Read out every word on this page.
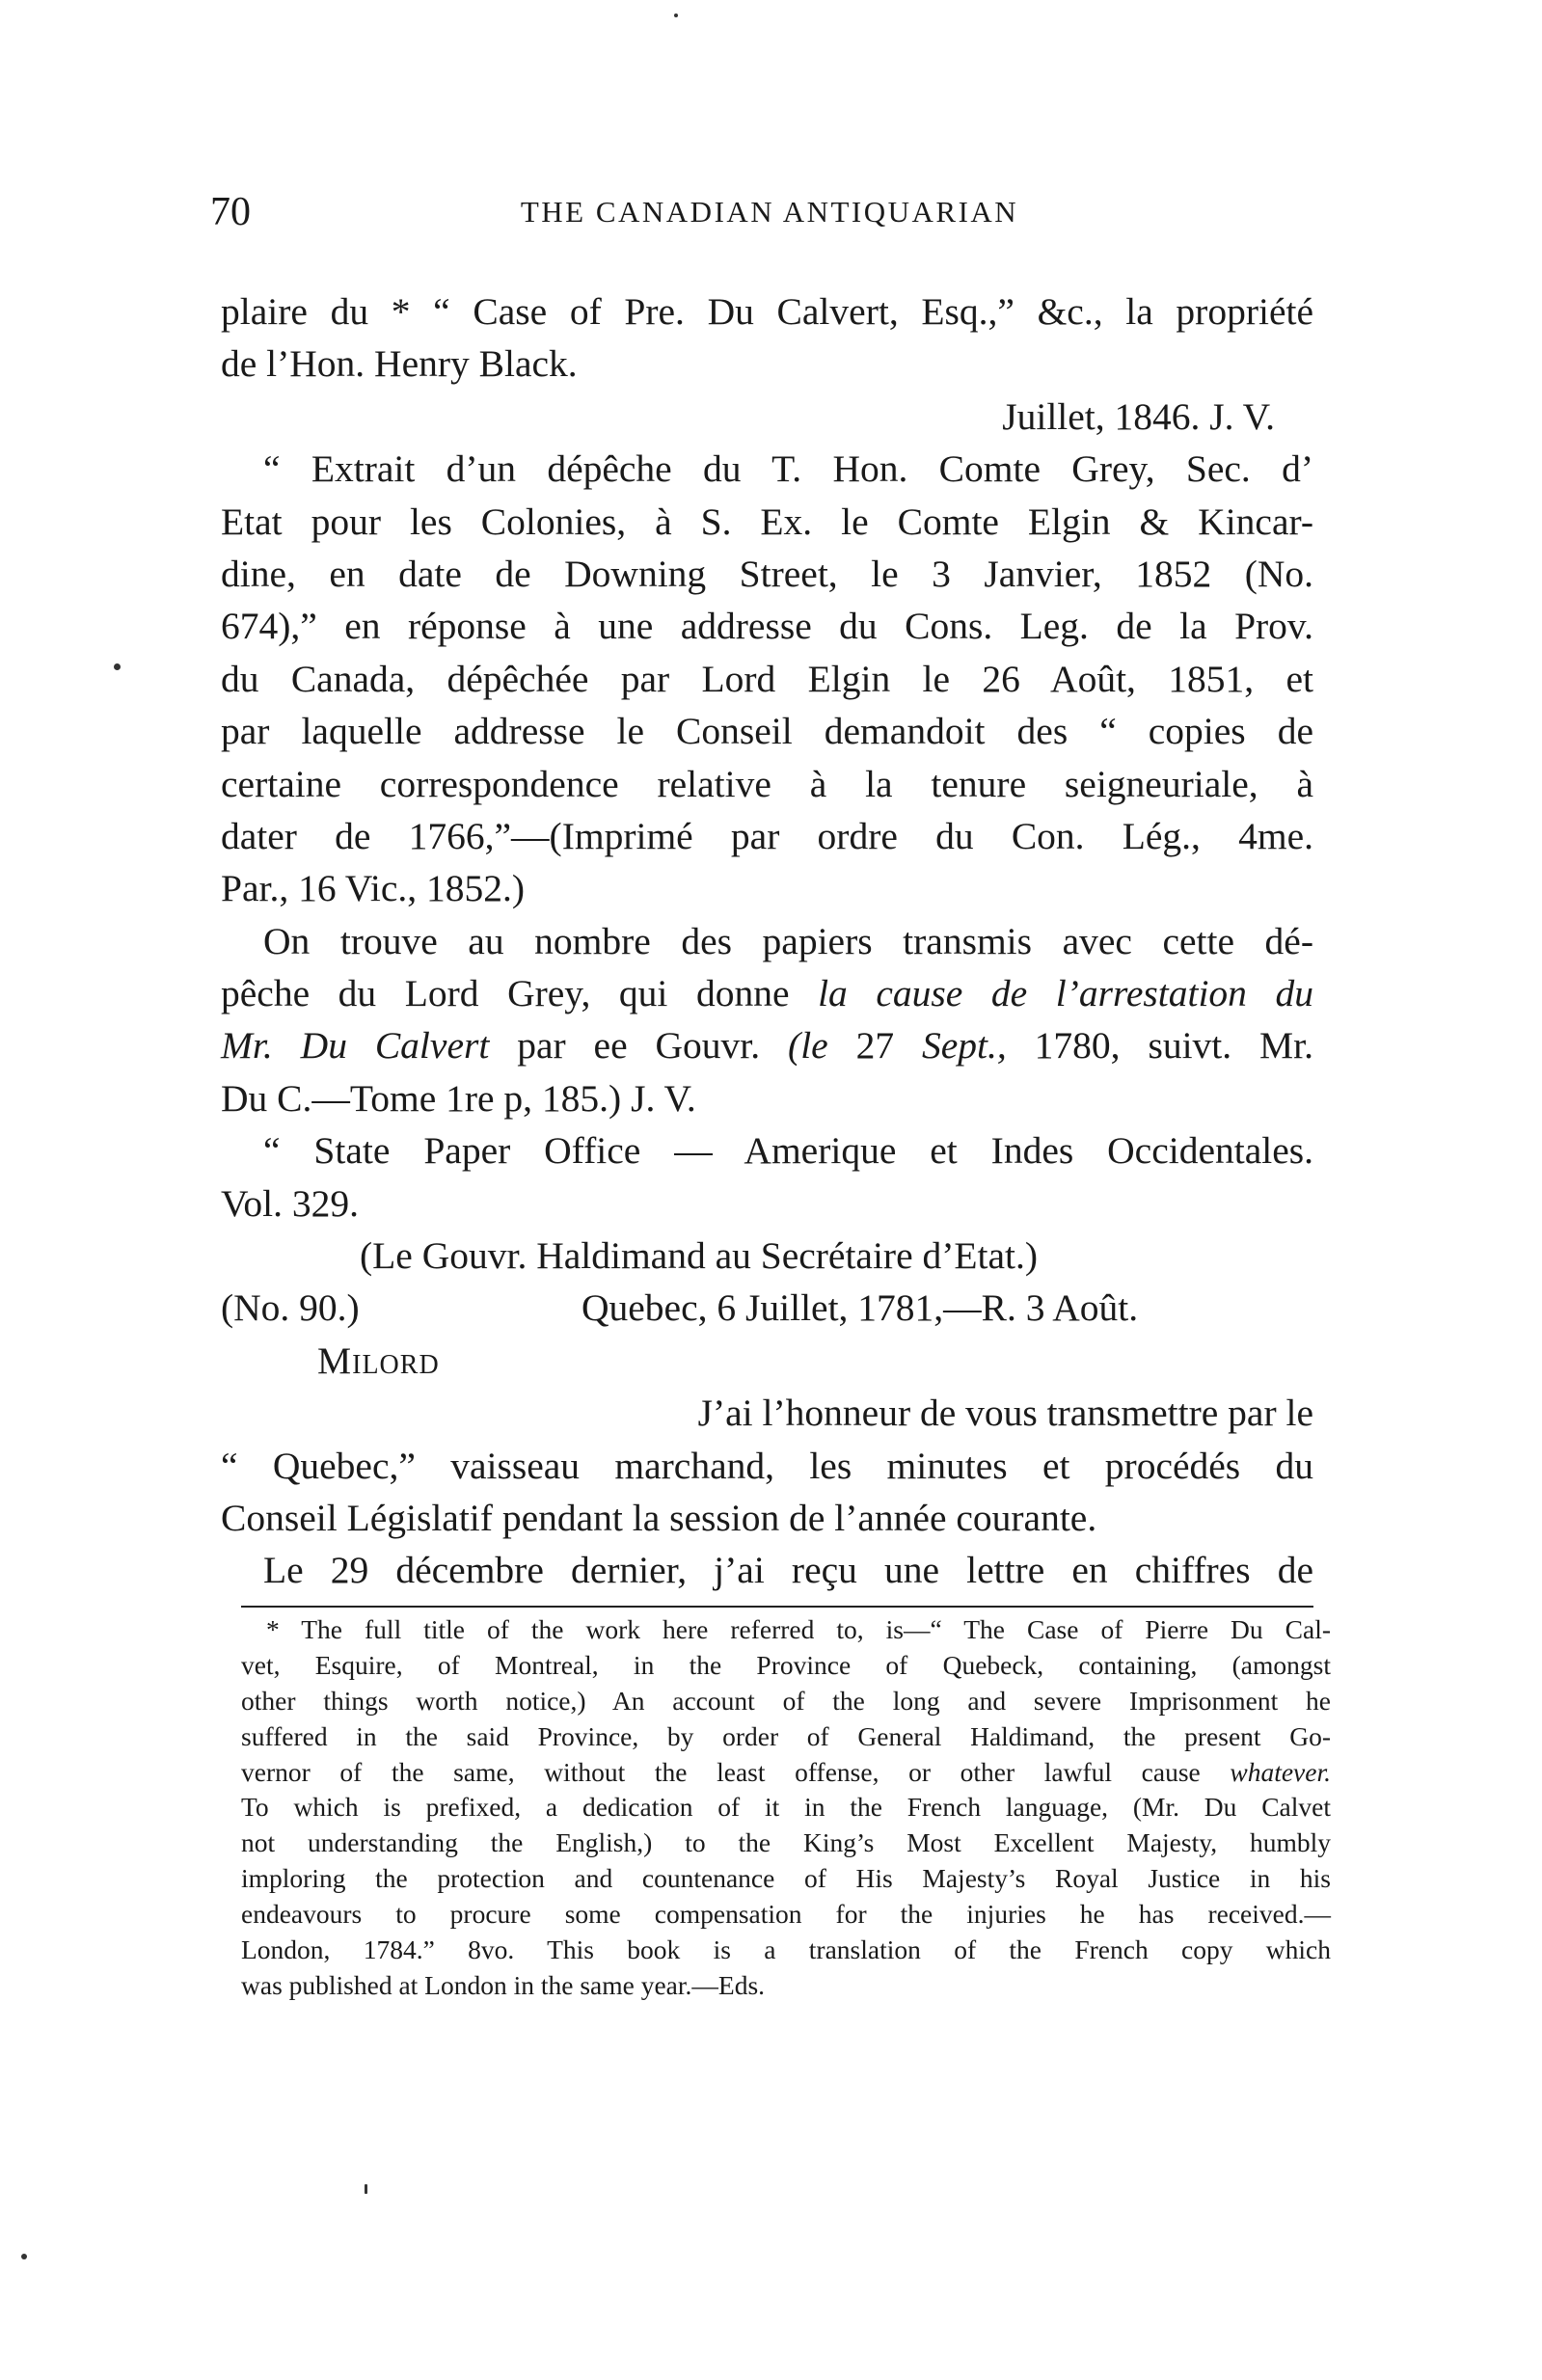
70	THE CANADIAN ANTIQUARIAN
plaire du * “ Case of Pre. Du Calvert, Esq.,” &c., la propriété
de l’Hon. Henry Black.
Juillet, 1846. J. V.
“ Extrait d’un dépêche du T. Hon. Comte Grey, Sec. d’
Etat pour les Colonies, à S. Ex. le Comte Elgin & Kincar-
dine, en date de Downing Street, le 3 Janvier, 1852 (No.
674),” en réponse à une addresse du Cons. Leg. de la Prov.
du Canada, dépêchée par Lord Elgin le 26 Août, 1851, et
par laquelle addresse le Conseil demandoit des “ copies de
certaine correspondence relative à la tenure seigneuriale, à
dater de 1766,”—(Imprimé par ordre du Con. Lég., 4me.
Par., 16 Vic., 1852.)
On trouve au nombre des papiers transmis avec cette dé-
pêche du Lord Grey, qui donne la cause de l’arrestation du
Mr. Du Calvert par ee Gouvr. (le 27 Sept., 1780, suivt. Mr.
Du C.—Tome 1re p, 185.) J. V.
“ State Paper Office — Amerique et Indes Occidentales.
Vol. 329.
(Le Gouvr. Haldimand au Secrétaire d’Etat.)
(No. 90.)	Quebec, 6 Juillet, 1781,—R. 3 Août.
Milord
J’ai l’honneur de vous transmettre par le
“ Quebec,” vaisseau marchand, les minutes et procédés du
Conseil Législatif pendant la session de l’année courante.
Le 29 décembre dernier, j’ai reçu une lettre en chiffres de
* The full title of the work here referred to, is—“ The Case of Pierre Du Cal-
vet, Esquire, of Montreal, in the Province of Quebeck, containing, (amongst
other things worth notice,) An account of the long and severe Imprisonment he
suffered in the said Province, by order of General Haldimand, the present Go-
vernor of the same, without the least offense, or other lawful cause whatever.
To which is prefixed, a dedication of it in the French language, (Mr. Du Calvet
not understanding the English,) to the King’s Most Excellent Majesty, humbly
imploring the protection and countenance of His Majesty’s Royal Justice in his
endeavours to procure some compensation for the injuries he has received.—
London, 1784.” 8vo. This book is a translation of the French copy which
was published at London in the same year.—Eds.
